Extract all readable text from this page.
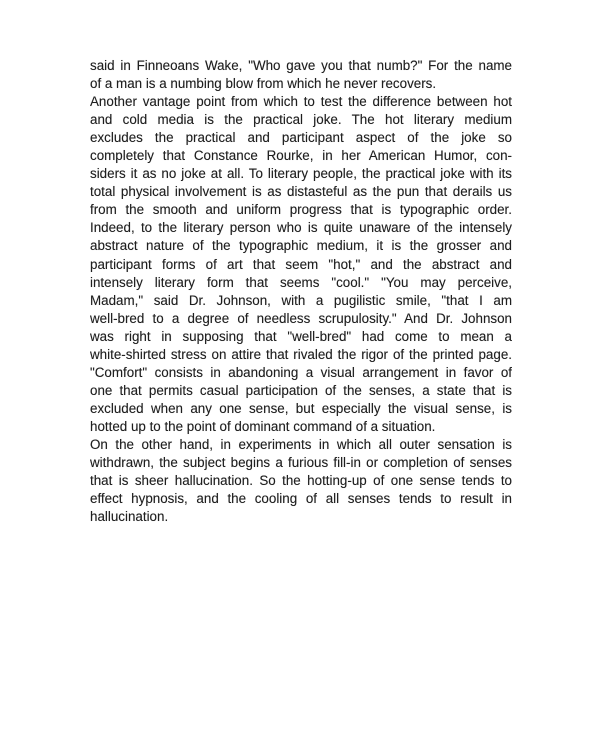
said in Finneoans Wake, "Who gave you that numb?" For the name
of a man is a numbing blow from which he never recovers.
Another vantage point from which to test the difference between hot
and cold media is the practical joke. The hot literary medium
excludes the practical and participant aspect of the joke so
completely that Constance Rourke, in her American Humor, con-
siders it as no joke at all. To literary people, the practical joke with its
total physical involvement is as distasteful as the pun that derails us
from the smooth and uniform progress that is typographic order.
Indeed, to the literary person who is quite unaware of the intensely
abstract nature of the typographic medium, it is the grosser and
participant forms of art that seem "hot," and the abstract and
intensely literary form that seems "cool." "You may perceive,
Madam," said Dr. Johnson, with a pugilistic smile, "that I am
well-bred to a degree of needless scrupulosity." And Dr. Johnson
was right in supposing that "well-bred" had come to mean a
white-shirted stress on attire that rivaled the rigor of the printed page.
"Comfort" consists in abandoning a visual arrangement in favor of
one that permits casual participation of the senses, a state that is
excluded when any one sense, but especially the visual sense, is
hotted up to the point of dominant command of a situation.
On the other hand, in experiments in which all outer sensation is
withdrawn, the subject begins a furious fill-in or completion of senses
that is sheer hallucination. So the hotting-up of one sense tends to
effect hypnosis, and the cooling of all senses tends to result in
hallucination.
